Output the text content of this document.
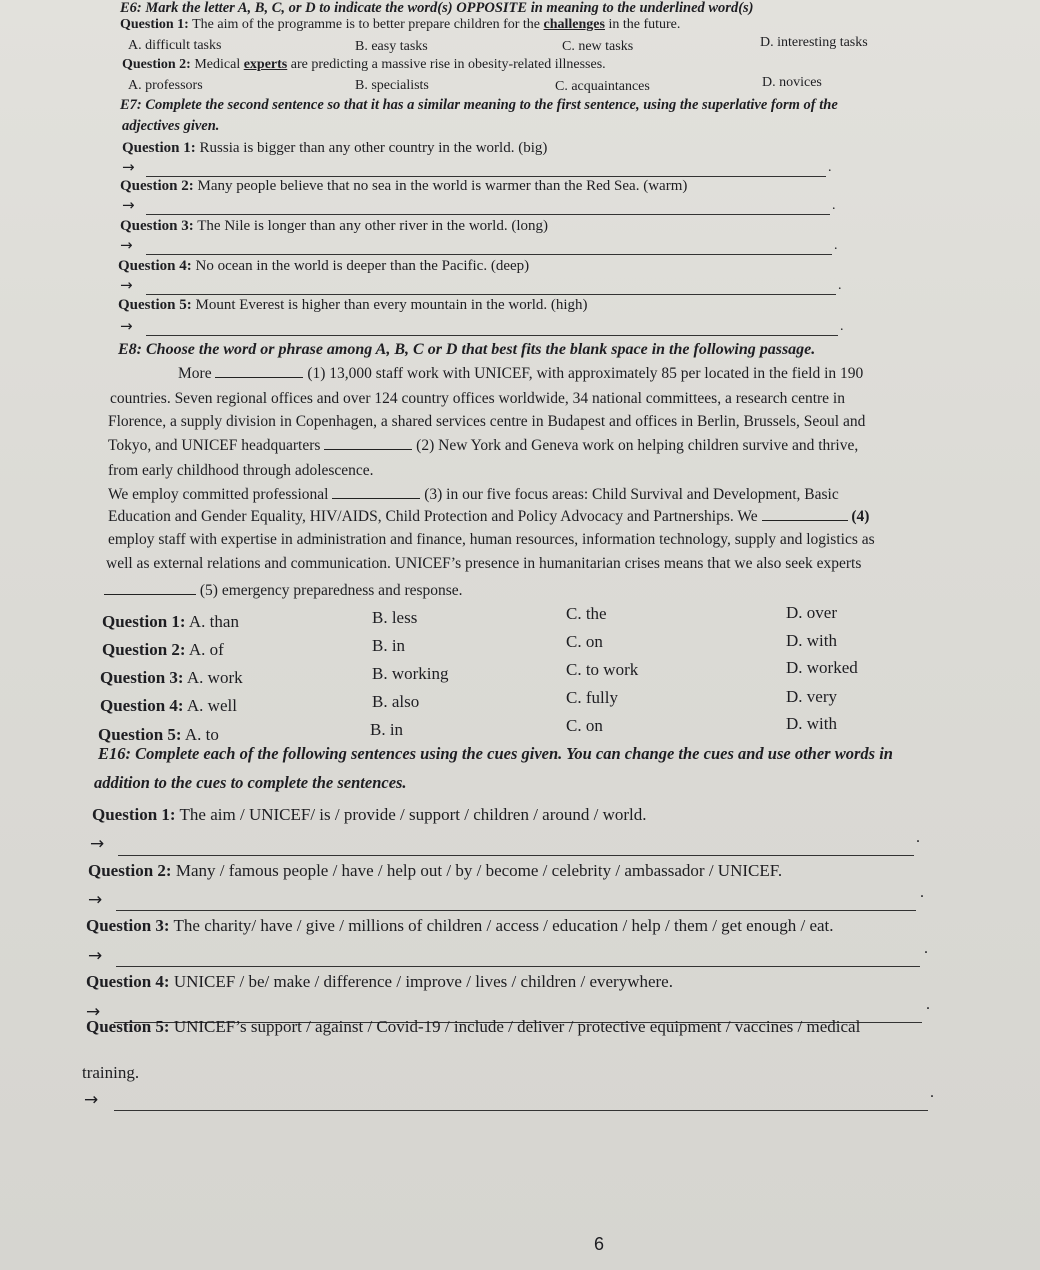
E6: Mark the letter A, B, C, or D to indicate the word(s) OPPOSITE in meaning to the underlined word(s)
Question 1: The aim of the programme is to better prepare children for the challenges in the future.
A. difficult tasks	B. easy tasks	C. new tasks	D. interesting tasks
Question 2: Medical experts are predicting a massive rise in obesity-related illnesses.
A. professors	B. specialists	C. acquaintances	D. novices
E7: Complete the second sentence so that it has a similar meaning to the first sentence, using the superlative form of the
adjectives given.
Question 1: Russia is bigger than any other country in the world. (big)
→	.
Question 2: Many people believe that no sea in the world is warmer than the Red Sea. (warm)
→	.
Question 3: The Nile is longer than any other river in the world. (long)
→	.
Question 4: No ocean in the world is deeper than the Pacific. (deep)
→	.
Question 5: Mount Everest is higher than every mountain in the world. (high)
→	.
E8: Choose the word or phrase among A, B, C or D that best fits the blank space in the following passage.
More	(1) 13,000 staff work with UNICEF, with approximately 85 per located in the field in 190
countries. Seven regional offices and over 124 country offices worldwide, 34 national committees, a research centre in
Florence, a supply division in Copenhagen, a shared services centre in Budapest and offices in Berlin, Brussels, Seoul and
Tokyo, and UNICEF headquarters	(2) New York and Geneva work on helping children survive and thrive,
from early childhood through adolescence.
We employ committed professional	(3) in our five focus areas: Child Survival and Development, Basic
Education and Gender Equality, HIV/AIDS, Child Protection and Policy Advocacy and Partnerships. We	(4)
employ staff with expertise in administration and finance, human resources, information technology, supply and logistics as
well as external relations and communication. UNICEF’s presence in humanitarian crises means that we also seek experts
(5) emergency preparedness and response.
Question 1: A. than	B. less	C. the	D. over
Question 2: A. of	B. in	C. on	D. with
Question 3: A. work	B. working	C. to work	D. worked
Question 4: A. well	B. also	C. fully	D. very
Question 5: A. to	B. in	C. on	D. with
E16: Complete each of the following sentences using the cues given. You can change the cues and use other words in
addition to the cues to complete the sentences.
Question 1: The aim / UNICEF/ is / provide / support / children / around / world.
→	.
Question 2: Many / famous people / have / help out / by / become / celebrity / ambassador / UNICEF.
→	.
Question 3: The charity/ have / give / millions of children / access / education / help / them / get enough / eat.
→	.
Question 4: UNICEF / be/ make / difference / improve / lives / children / everywhere.
→	.
Question 5: UNICEF’s support / against / Covid-19 / include / deliver / protective equipment / vaccines / medical
training.
→	.
6
